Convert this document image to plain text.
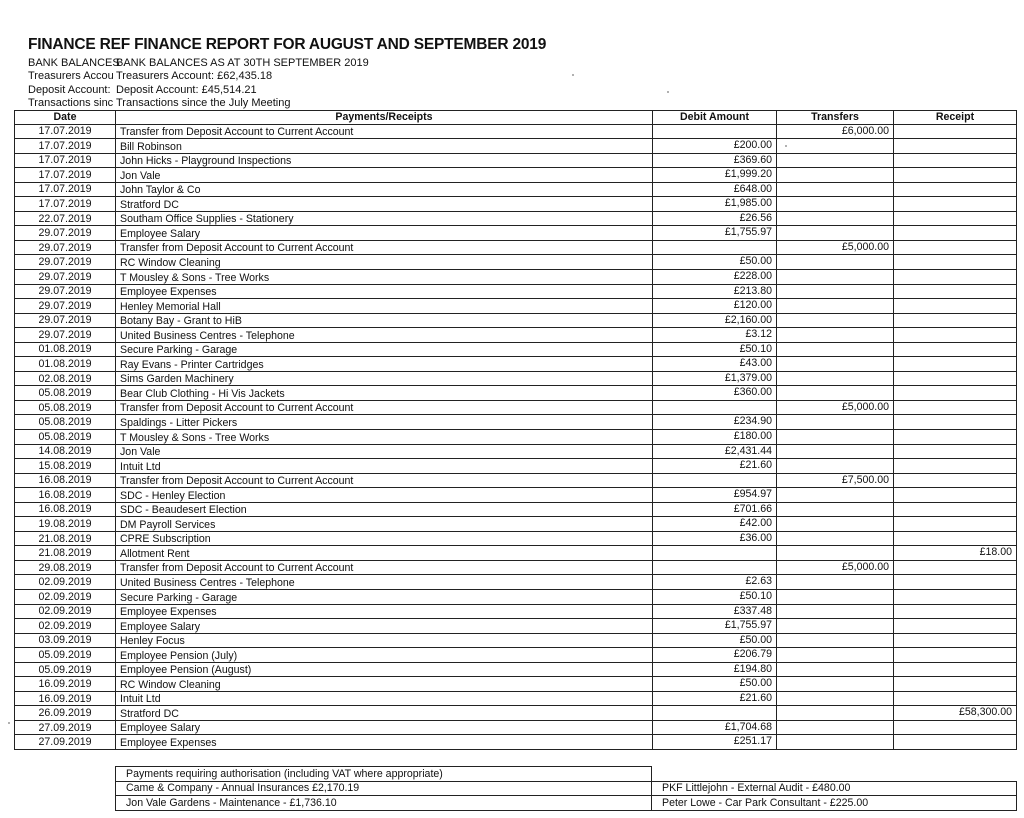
FINANCE REF FINANCE REPORT FOR AUGUST AND SEPTEMBER 2019
BANK BALANCES .
BANK BALANCES AS AT 30TH SEPTEMBER 2019
Treasurers Accou Treasurers Account: £62,435.18
Deposit Account: Deposit Account: £45,514.21
Transactions sinc Transactions since the July Meeting
Date	Payments/Receipts	Debit Amount	Transfers	Receipt
17.07.2019	Transfer from Deposit Account to Current Account		£6,000.00	
17.07.2019	Bill Robinson	£200.00		
17.07.2019	John Hicks - Playground Inspections	£369.60		
17.07.2019	Jon Vale	£1,999.20		
17.07.2019	John Taylor & Co	£648.00		
17.07.2019	Stratford DC	£1,985.00		
22.07.2019	Southam Office Supplies - Stationery	£26.56		
29.07.2019	Employee Salary	£1,755.97		
29.07.2019	Transfer from Deposit Account to Current Account		£5,000.00	
29.07.2019	RC Window Cleaning	£50.00		
29.07.2019	T Mousley & Sons - Tree Works	£228.00		
29.07.2019	Employee Expenses	£213.80		
29.07.2019	Henley Memorial Hall	£120.00		
29.07.2019	Botany Bay - Grant to HiB	£2,160.00		
29.07.2019	United Business Centres - Telephone	£3.12		
01.08.2019	Secure Parking - Garage	£50.10		
01.08.2019	Ray Evans - Printer Cartridges	£43.00		
02.08.2019	Sims Garden Machinery	£1,379.00		
05.08.2019	Bear Club Clothing - Hi Vis Jackets	£360.00		
05.08.2019	Transfer from Deposit Account to Current Account		£5,000.00	
05.08.2019	Spaldings - Litter Pickers	£234.90		
05.08.2019	T Mousley & Sons - Tree Works	£180.00		
14.08.2019	Jon Vale	£2,431.44		
15.08.2019	Intuit Ltd	£21.60		
16.08.2019	Transfer from Deposit Account to Current Account		£7,500.00	
16.08.2019	SDC - Henley Election	£954.97		
16.08.2019	SDC - Beaudesert Election	£701.66		
19.08.2019	DM Payroll Services	£42.00		
21.08.2019	CPRE Subscription	£36.00		
21.08.2019	Allotment Rent			£18.00
29.08.2019	Transfer from Deposit Account to Current Account		£5,000.00	
02.09.2019	United Business Centres - Telephone	£2.63		
02.09.2019	Secure Parking - Garage	£50.10		
02.09.2019	Employee Expenses	£337.48		
02.09.2019	Employee Salary	£1,755.97		
03.09.2019	Henley Focus	£50.00		
05.09.2019	Employee Pension (July)	£206.79		
05.09.2019	Employee Pension (August)	£194.80		
16.09.2019	RC Window Cleaning	£50.00		
16.09.2019	Intuit Ltd	£21.60		
26.09.2019	Stratford DC			£58,300.00
27.09.2019	Employee Salary	£1,704.68		
27.09.2019	Employee Expenses	£251.17		
Payments requiring authorisation (including VAT where appropriate)	
Came & Company - Annual Insurances £2,170.19	PKF Littlejohn - External Audit - £480.00
Jon Vale Gardens - Maintenance - £1,736.10	Peter Lowe - Car Park Consultant - £225.00
